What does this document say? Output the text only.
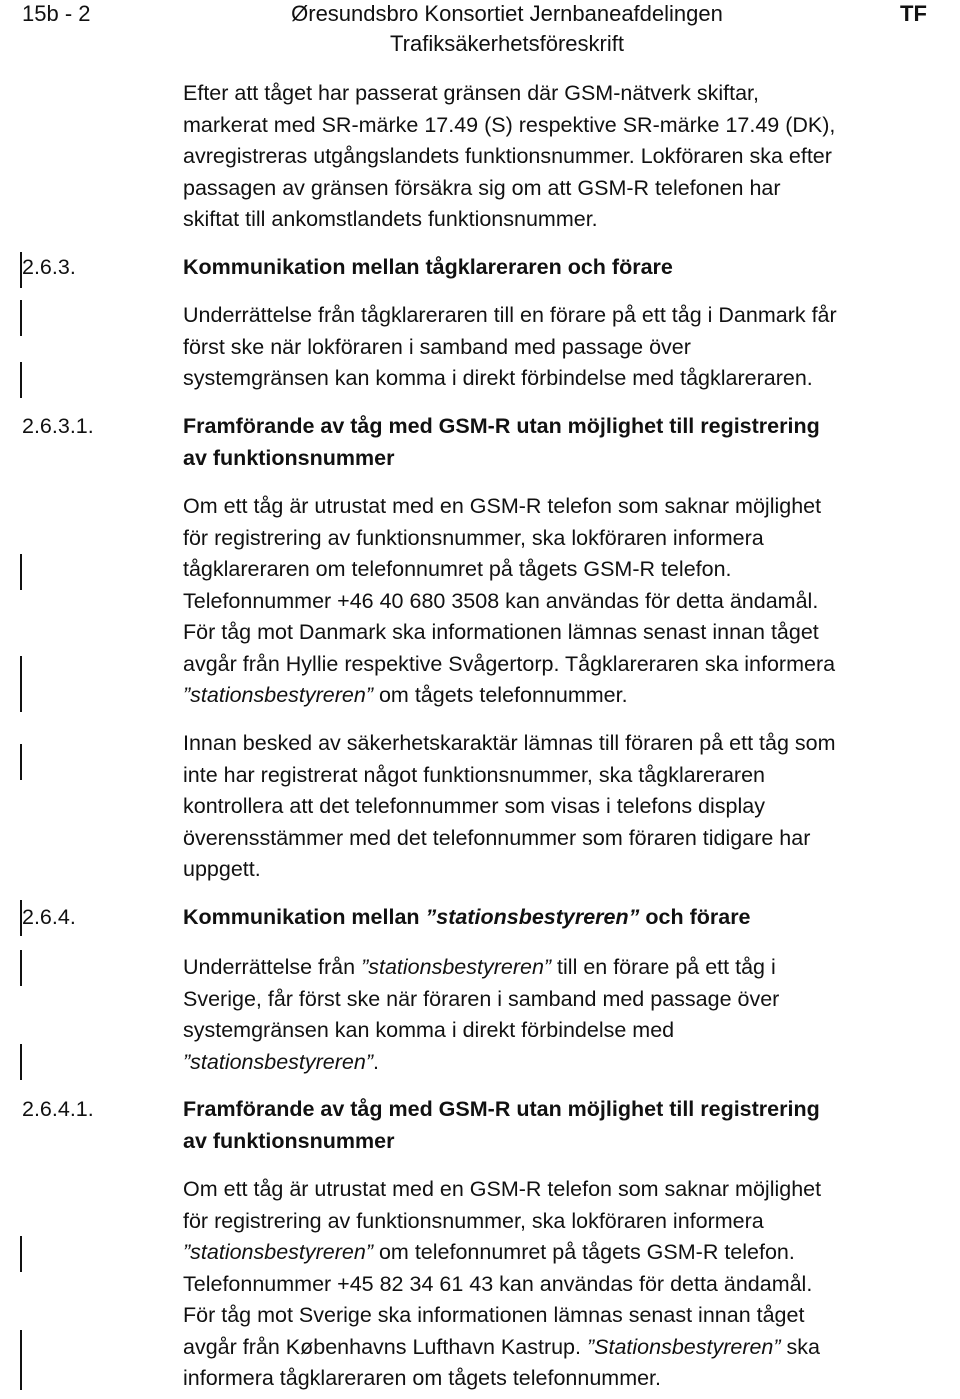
15b - 2	Øresundsbro Konsortiet Jernbaneafdelingen
Trafiksäkerhetsföreskrift
TF
Efter att tåget har passerat gränsen där GSM-nätverk skiftar,
markerat med SR-märke 17.49 (S) respektive SR-märke 17.49 (DK),
avregistreras utgångslandets funktionsnummer. Lokföraren ska efter
passagen av gränsen försäkra sig om att GSM-R telefonen har
skiftat till ankomstlandets funktionsnummer.
2.6.3.	Kommunikation mellan tågklareraren och förare
Underrättelse från tågklareraren till en förare på ett tåg i Danmark får
först ske när lokföraren i samband med passage över
systemgränsen kan komma i direkt förbindelse med tågklareraren.
2.6.3.1.	Framförande av tåg med GSM-R utan möjlighet till registrering
av funktionsnummer
Om ett tåg är utrustat med en GSM-R telefon som saknar möjlighet
för registrering av funktionsnummer, ska lokföraren informera
tågklareraren om telefonnumret på tågets GSM-R telefon.
Telefonnummer +46 40 680 3508 kan användas för detta ändamål.
För tåg mot Danmark ska informationen lämnas senast innan tåget
avgår från Hyllie respektive Svågertorp. Tågklareraren ska informera
”stationsbestyreren” om tågets telefonnummer.
Innan besked av säkerhetskaraktär lämnas till föraren på ett tåg som
inte har registrerat något funktionsnummer, ska tågklareraren
kontrollera att det telefonnummer som visas i telefons display
överensstämmer med det telefonnummer som föraren tidigare har
uppgett.
2.6.4.	Kommunikation mellan ”stationsbestyreren” och förare
Underrättelse från ”stationsbestyreren” till en förare på ett tåg i
Sverige, får först ske när föraren i samband med passage över
systemgränsen kan komma i direkt förbindelse med
”stationsbestyreren”.
2.6.4.1.	Framförande av tåg med GSM-R utan möjlighet till registrering
av funktionsnummer
Om ett tåg är utrustat med en GSM-R telefon som saknar möjlighet
för registrering av funktionsnummer, ska lokföraren informera
”stationsbestyreren” om telefonnumret på tågets GSM-R telefon.
Telefonnummer +45 82 34 61 43 kan användas för detta ändamål.
För tåg mot Sverige ska informationen lämnas senast innan tåget
avgår från Københavns Lufthavn Kastrup. ”Stationsbestyreren” ska
informera tågklareraren om tågets telefonnummer.
